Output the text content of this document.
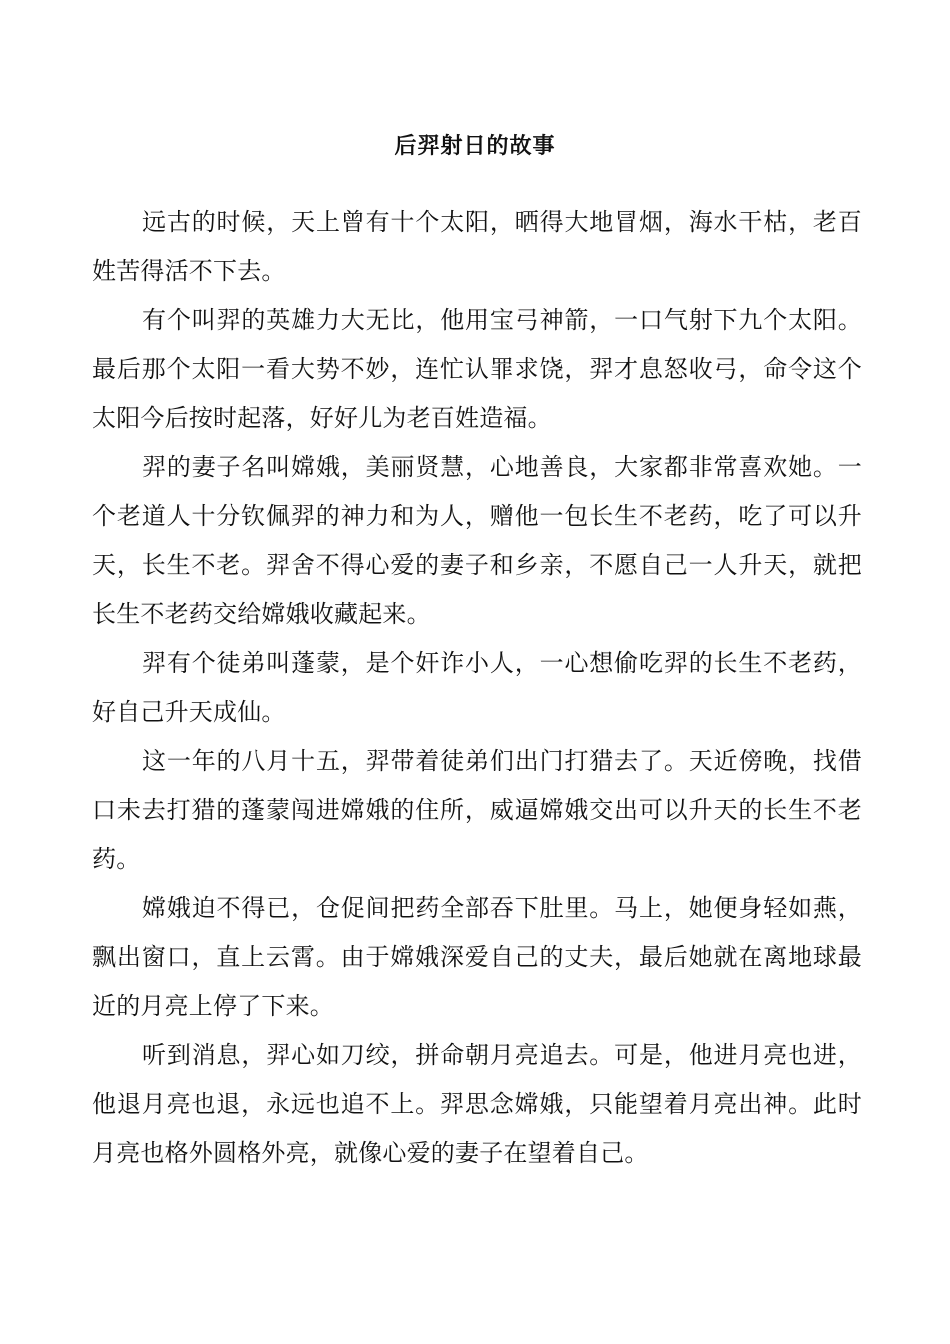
后羿射日的故事

远古的时候，天上曾有十个太阳，晒得大地冒烟，海水干枯，老百姓苦得活不下去。

有个叫羿的英雄力大无比，他用宝弓神箭，一口气射下九个太阳。最后那个太阳一看大势不妙，连忙认罪求饶，羿才息怒收弓，命令这个太阳今后按时起落，好好儿为老百姓造福。

羿的妻子名叫嫦娥，美丽贤慧，心地善良，大家都非常喜欢她。一个老道人十分钦佩羿的神力和为人，赠他一包长生不老药，吃了可以升天，长生不老。羿舍不得心爱的妻子和乡亲，不愿自己一人升天，就把长生不老药交给嫦娥收藏起来。

羿有个徒弟叫蓬蒙，是个奸诈小人，一心想偷吃羿的长生不老药，好自己升天成仙。

这一年的八月十五，羿带着徒弟们出门打猎去了。天近傍晚，找借口未去打猎的蓬蒙闯进嫦娥的住所，威逼嫦娥交出可以升天的长生不老药。

嫦娥迫不得已，仓促间把药全部吞下肚里。马上，她便身轻如燕，飘出窗口，直上云霄。由于嫦娥深爱自己的丈夫，最后她就在离地球最近的月亮上停了下来。

听到消息，羿心如刀绞，拼命朝月亮追去。可是，他进月亮也进，他退月亮也退，永远也追不上。羿思念嫦娥，只能望着月亮出神。此时月亮也格外圆格外亮，就像心爱的妻子在望着自己。
